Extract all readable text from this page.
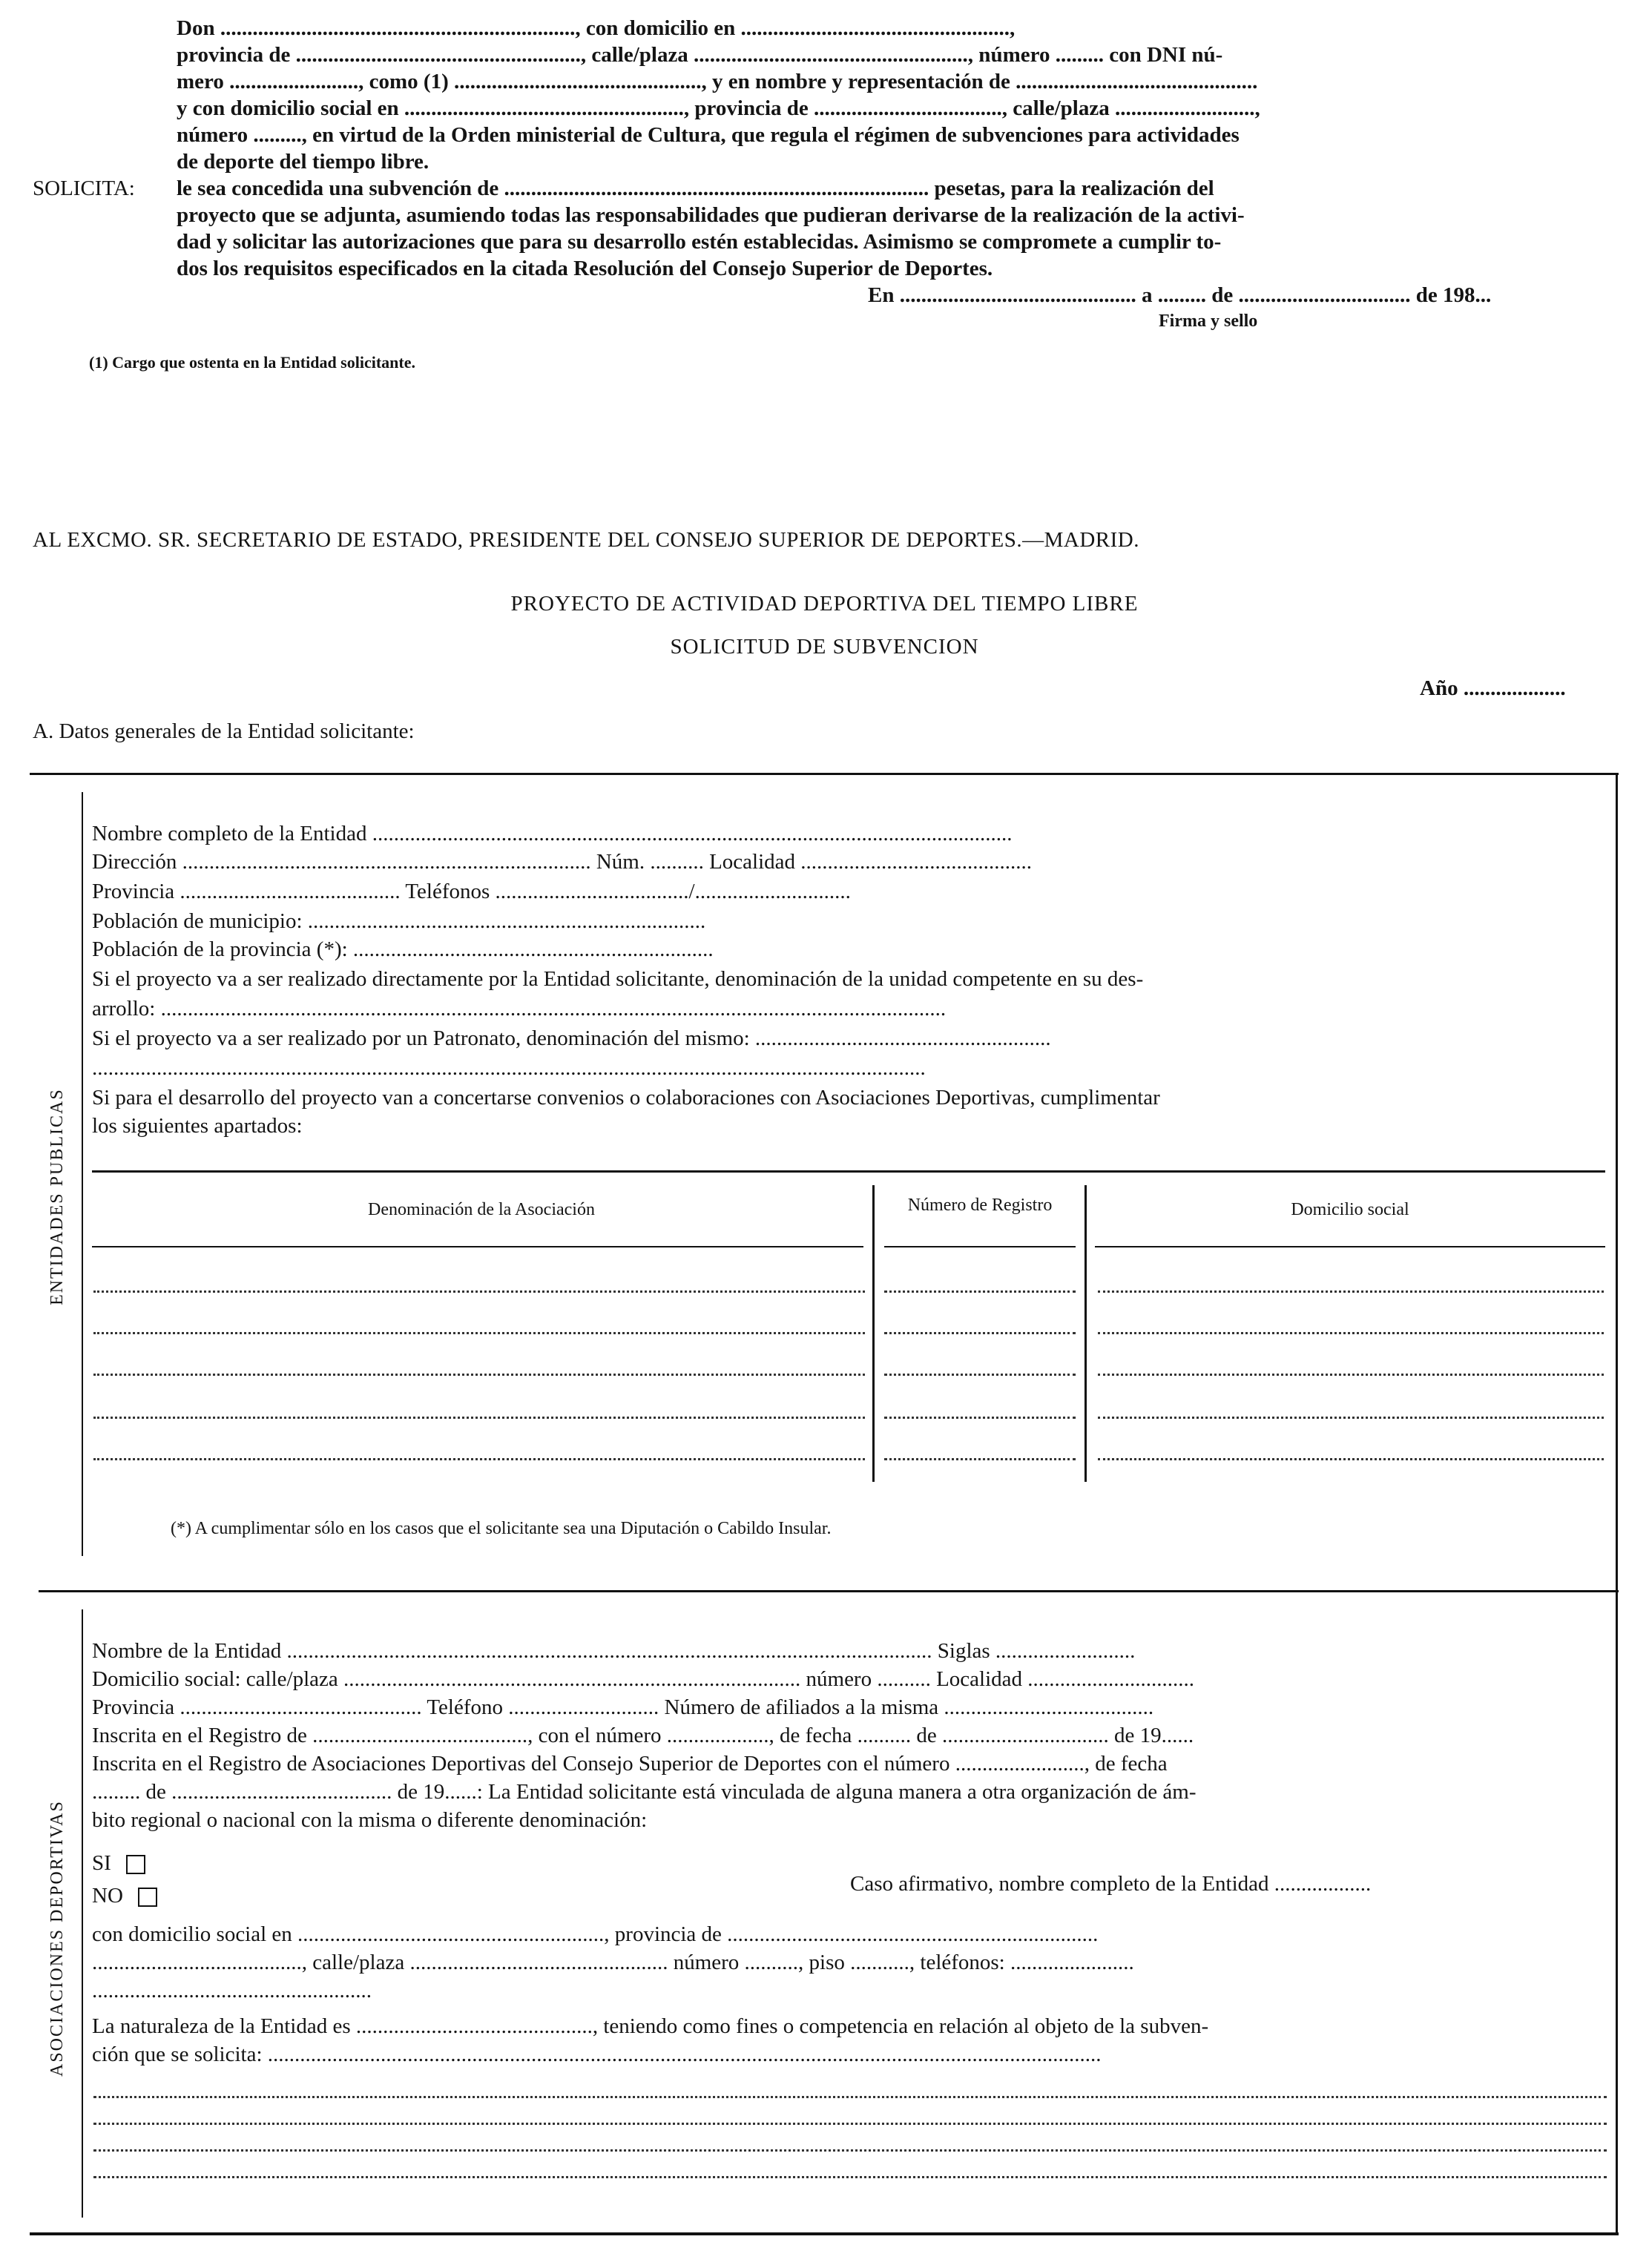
Don .................................................................., con domicilio en ..................................................,
provincia de ....................................................., calle/plaza ..................................................., número ......... con DNI nú-
mero ........................, como (1) .............................................., y en nombre y representación de .............................................
y con domicilio social en ...................................................., provincia de ..................................., calle/plaza ..........................,
número ........., en virtud de la Orden ministerial de Cultura, que regula el régimen de subvenciones para actividades
de deporte del tiempo libre.
SOLICITA: le sea concedida una subvención de ............................................................................... pesetas, para la realización del
proyecto que se adjunta, asumiendo todas las responsabilidades que pudieran derivarse de la realización de la activi-
dad y solicitar las autorizaciones que para su desarrollo estén establecidas. Asimismo se compromete a cumplir to-
dos los requisitos especificados en la citada Resolución del Consejo Superior de Deportes.
En ............................................ a ......... de ................................ de 198...
Firma y sello
(1) Cargo que ostenta en la Entidad solicitante.
AL EXCMO. SR. SECRETARIO DE ESTADO, PRESIDENTE DEL CONSEJO SUPERIOR DE DEPORTES.—MADRID.
PROYECTO DE ACTIVIDAD DEPORTIVA DEL TIEMPO LIBRE
SOLICITUD DE SUBVENCION
Año ...................
A. Datos generales de la Entidad solicitante:
ENTIDADES PUBLICAS
Nombre completo de la Entidad .......................................................................................................................
Dirección ............................................................................ Núm. .......... Localidad ...........................................
Provincia ......................................... Teléfonos ..................................../.............................
Población de municipio: ..........................................................................
Población de la provincia (*): ...................................................................
Si el proyecto va a ser realizado directamente por la Entidad solicitante, denominación de la unidad competente en su des-
arrollo: ..................................................................................................................................................
Si el proyecto va a ser realizado por un Patronato, denominación del mismo: .......................................................
...........................................................................................................................................................
Si para el desarrollo del proyecto van a concertarse convenios o colaboraciones con Asociaciones Deportivas, cumplimentar
los siguientes apartados:
Denominación de la Asociación	Número de Registro	Domicilio social
(*) A cumplimentar sólo en los casos que el solicitante sea una Diputación o Cabildo Insular.
ASOCIACIONES DEPORTIVAS
Nombre de la Entidad ........................................................................................................................ Siglas ..........................
Domicilio social: calle/plaza ..................................................................................... número .......... Localidad ...............................
Provincia ............................................. Teléfono ............................ Número de afiliados a la misma .......................................
Inscrita en el Registro de ........................................, con el número ..................., de fecha .......... de ............................... de 19......
Inscrita en el Registro de Asociaciones Deportivas del Consejo Superior de Deportes con el número ........................, de fecha
......... de ......................................... de 19......: La Entidad solicitante está vinculada de alguna manera a otra organización de ám-
bito regional o nacional con la misma o diferente denominación:
SI
NO	Caso afirmativo, nombre completo de la Entidad ..................
con domicilio social en ........................................................., provincia de .....................................................................
......................................., calle/plaza ................................................ número .........., piso ..........., teléfonos: .......................
....................................................
La naturaleza de la Entidad es ............................................, teniendo como fines o competencia en relación al objeto de la subven-
ción que se solicita: ...........................................................................................................................................................
